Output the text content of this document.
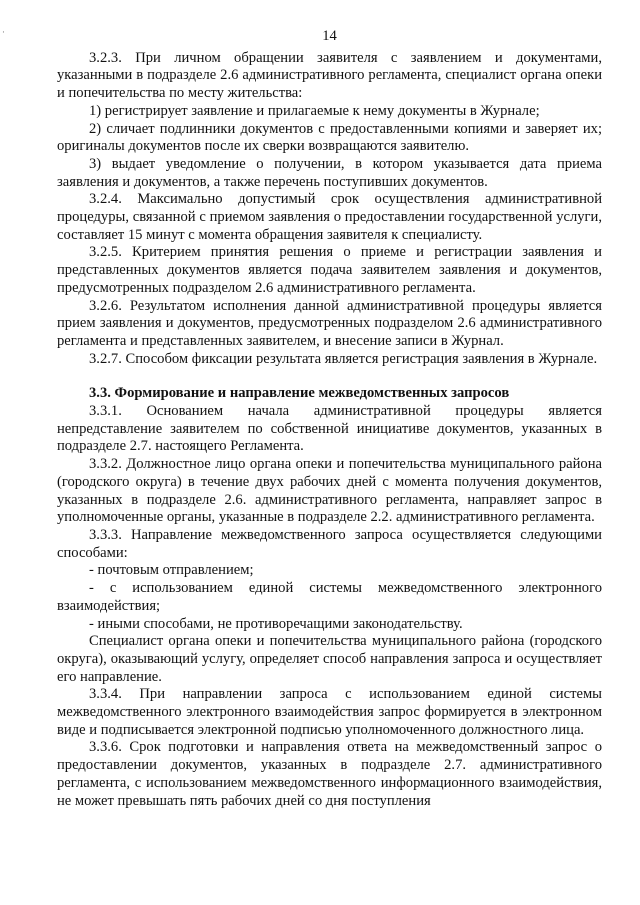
·	14

3.2.3. При личном обращении заявителя с заявлением и документами, указанными в подразделе 2.6 административного регламента, специалист органа опеки и попечительства по месту жительства:

1) регистрирует заявление и прилагаемые к нему документы в Журнале;

2) сличает подлинники документов с предоставленными копиями и заверяет их; оригиналы документов после их сверки возвращаются заявителю.

3) выдает уведомление о получении, в котором указывается дата приема заявления и документов, а также перечень поступивших документов.

3.2.4. Максимально допустимый срок осуществления административной процедуры, связанной с приемом заявления о предоставлении государственной услуги, составляет 15 минут с момента обращения заявителя к специалисту.

3.2.5. Критерием принятия решения о приеме и регистрации заявления и представленных документов является подача заявителем заявления и документов, предусмотренных подразделом 2.6 административного регламента.

3.2.6. Результатом исполнения данной административной процедуры является прием заявления и документов, предусмотренных подразделом 2.6 административного регламента и представленных заявителем, и внесение записи в Журнал.

3.2.7. Способом фиксации результата является регистрация заявления в Журнале.

3.3. Формирование и направление межведомственных запросов

3.3.1. Основанием начала административной процедуры является непредставление заявителем по собственной инициативе документов, указанных в подразделе 2.7. настоящего Регламента.

3.3.2. Должностное лицо органа опеки и попечительства муниципального района (городского округа) в течение двух рабочих дней с момента получения документов, указанных в подразделе 2.6. административного регламента, направляет запрос в уполномоченные органы, указанные в подразделе 2.2. административного регламента.

3.3.3. Направление межведомственного запроса осуществляется следующими способами:

- почтовым отправлением;

- с использованием единой системы межведомственного электронного взаимодействия;

- иными способами, не противоречащими законодательству.

Специалист органа опеки и попечительства муниципального района (городского округа), оказывающий услугу, определяет способ направления запроса и осуществляет его направление.

3.3.4. При направлении запроса с использованием единой системы межведомственного электронного взаимодействия запрос формируется в электронном виде и подписывается электронной подписью уполномоченного должностного лица.

3.3.6. Срок подготовки и направления ответа на межведомственный запрос о предоставлении документов, указанных в подразделе 2.7. административного регламента, с использованием межведомственного информационного взаимодействия, не может превышать пять рабочих дней со дня поступления
